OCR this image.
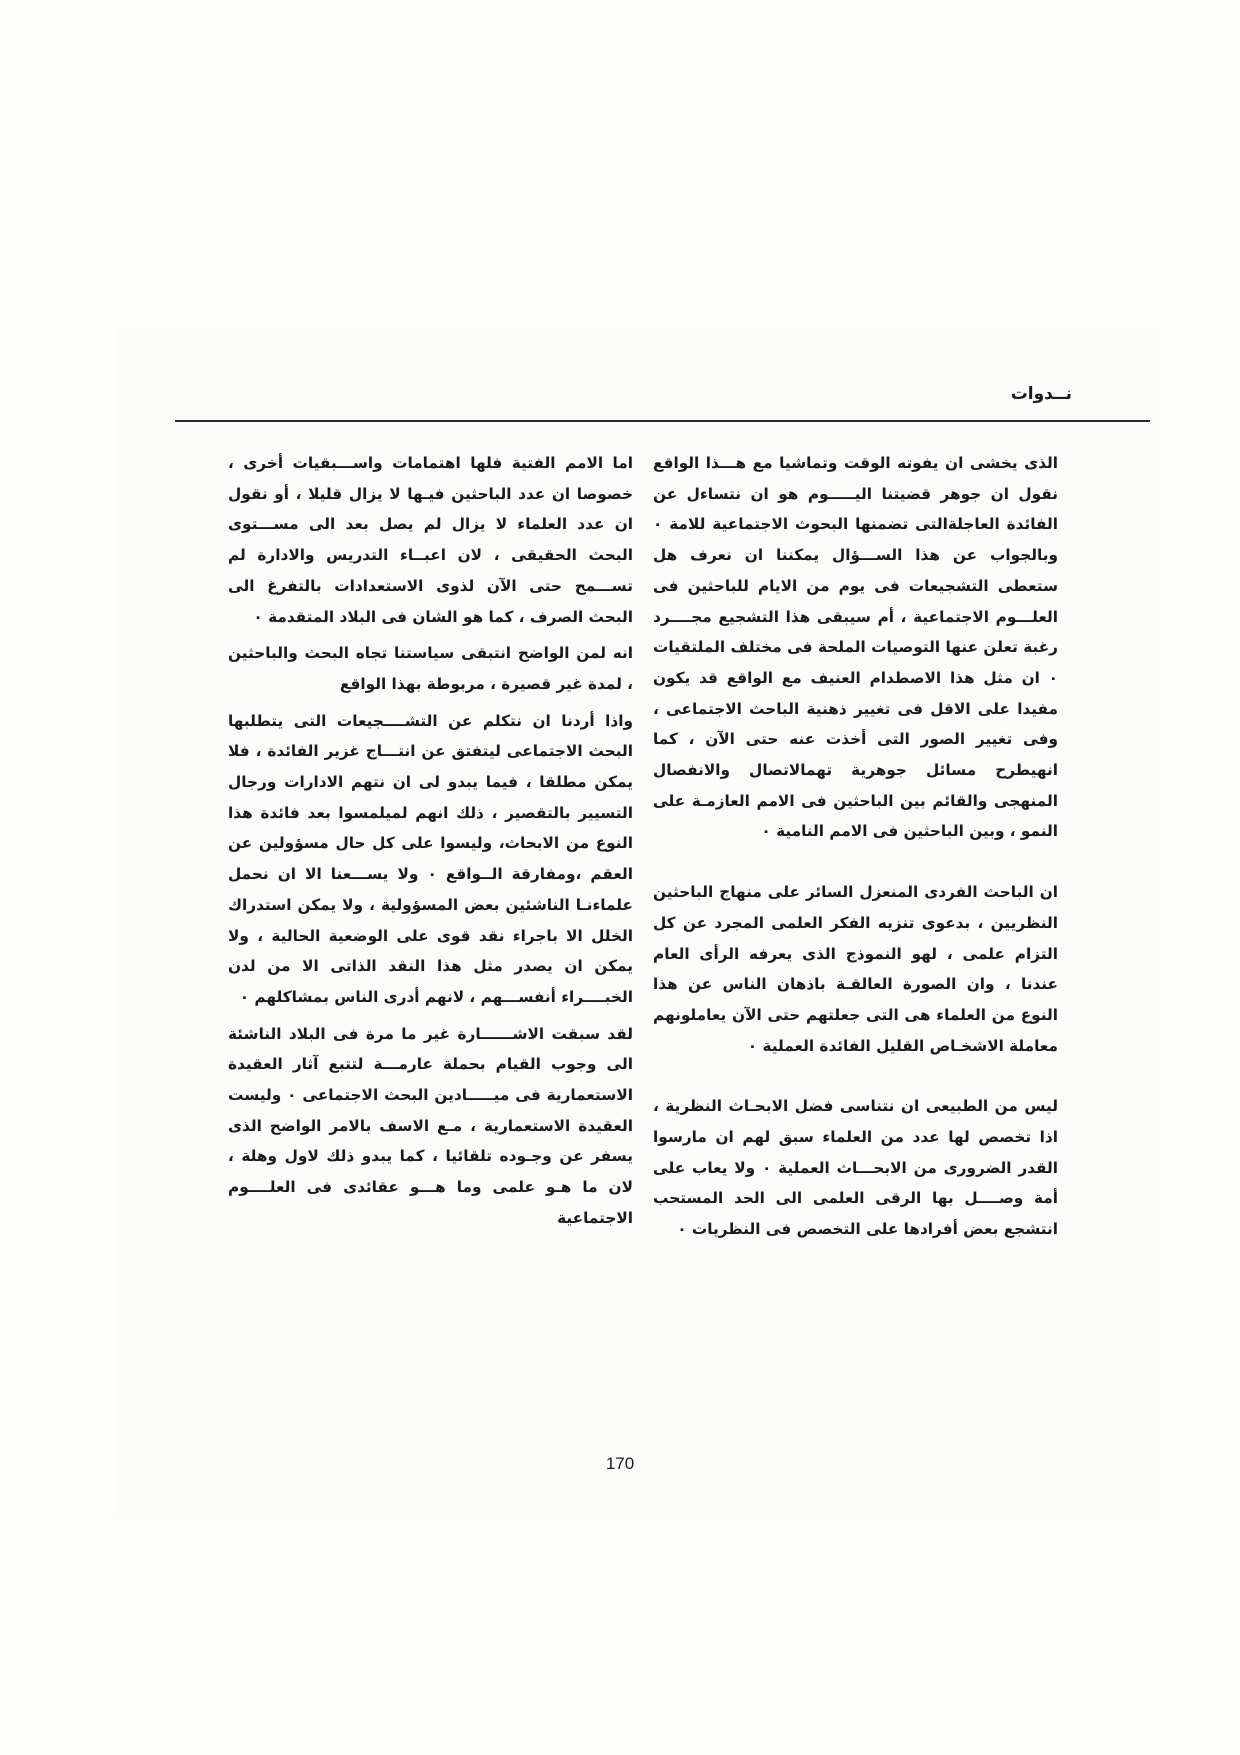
نــدوات

الذى يخشى ان يفوته الوقت وتماشيا مع هـــذا الواقع نقول ان جوهر قضيتنا اليـــــوم هو ان نتساءل عن الفائدة العاجلةالتى تضمنها البحوث الاجتماعية للامة ٠ وبالجواب عن هذا الســـؤال يمكننا ان نعرف هل ستعطى التشجيعات فى يوم من الايام للباحثين فى العلـــوم الاجتماعية ، أم سيبقى هذا التشجيع مجــــرد رغبة تعلن عنها التوصيات الملحة فى مختلف الملتقيات ٠ ان مثل هذا الاصطدام العنيف مع الواقع قد يكون مفيدا على الاقل فى تغيير ذهنية الباحث الاجتماعى ، وفى تغيير الصور التى أخذت عنه حتى الآن ، كما انهيطرح مسائل جوهرية تهمالاتصال والانفصال المنهجى والقائم بين الباحثين فى الامم العازمـة على النمو ، وبين الباحثين فى الامم النامية ٠

ان الباحث الفردى المنعزل السائر على منهاج الباحثين النظريين ، بدعوى تنزيه الفكر العلمى المجرد عن كل التزام علمى ، لهو النموذج الذى يعرفه الرأى العام عندنا ، وان الصورة العالقـة باذهان الناس عن هذا النوع من العلماء هى التى جعلتهم حتى الآن يعاملونهم معاملة الاشخـاص القليل الفائدة العملية ٠

ليس من الطبيعى ان نتناسى فضل الابحـاث النظرية ، اذا تخصص لها عدد من العلماء سبق لهم ان مارسوا القدر الضرورى من الابحـــاث العملية ٠ ولا يعاب على أمة وصــــل بها الرقى العلمى الى الحد المستحب انتشجع بعض أفرادها على التخصص فى النظريات ٠

اما الامم الفتية فلها اهتمامات واســـبقيات أخرى ، خصوصا ان عدد الباحثين فيـها لا يزال قليلا ، أو نقول ان عدد العلماء لا يزال لم يصل بعد الى مســـتوى البحث الحقيقى ، لان اعبــاء التدريس والادارة لم تســـمح حتى الآن لذوى الاستعدادات بالتفرغ الى البحث الصرف ، كما هو الشان فى البلاد المتقدمة ٠

انه لمن الواضح انتبقى سياستنا تجاه البحث والباحثين ، لمدة غير قصيرة ، مربوطة بهذا الواقع

واذا أردنا ان نتكلم عن التشــــجيعات التى يتطلبها البحث الاجتماعى ليتفتق عن انتـــاج غزير الفائدة ، فلا يمكن مطلقا ، فيما يبدو لى ان نتهم الادارات ورجال التسيير بالتقصير ، ذلك انهم لميلمسوا بعد فائدة هذا النوع من الابحاث، وليسوا على كل حال مسؤولين عن العقم ،ومفارقة الــواقع ٠ ولا يســـعنا الا ان نحمل علماءنـا الناشئين بعض المسؤولية ، ولا يمكن استدراك الخلل الا باجراء نقد قوى على الوضعية الحالية ، ولا يمكن ان يصدر مثل هذا النقد الذاتى الا من لدن الخبــــراء أنفســـهم ، لانهم أدرى الناس بمشاكلهم ٠

لقد سبقت الاشــــــارة غير ما مرة فى البلاد الناشئة الى وجوب القيام بحملة عارمـــة لتتبع آثار العقيدة الاستعمارية فى ميـــــادين البحث الاجتماعى ٠ وليست العقيدة الاستعمارية ، مـع الاسف بالامر الواضح الذى يسفر عن وجـوده تلقائيا ، كما يبدو ذلك لاول وهلة ، لان ما هـو علمى وما هـــو عقائدى فى العلــــوم الاجتماعية

170
